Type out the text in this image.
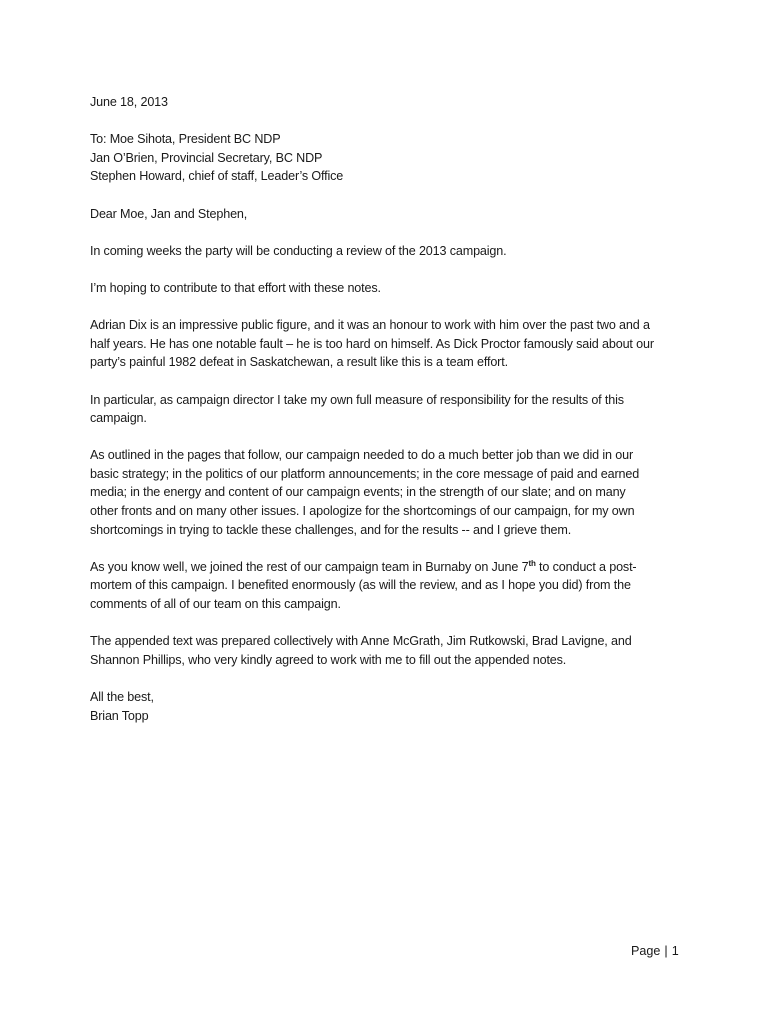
June 18, 2013

To: Moe Sihota, President BC NDP
Jan O’Brien, Provincial Secretary, BC NDP
Stephen Howard, chief of staff, Leader’s Office

Dear Moe, Jan and Stephen,

In coming weeks the party will be conducting a review of the 2013 campaign.

I’m hoping to contribute to that effort with these notes.

Adrian Dix is an impressive public figure, and it was an honour to work with him over the past two and a
half years. He has one notable fault – he is too hard on himself. As Dick Proctor famously said about our
party’s painful 1982 defeat in Saskatchewan, a result like this is a team effort.

In particular, as campaign director I take my own full measure of responsibility for the results of this
campaign.

As outlined in the pages that follow, our campaign needed to do a much better job than we did in our
basic strategy; in the politics of our platform announcements; in the core message of paid and earned
media; in the energy and content of our campaign events; in the strength of our slate; and on many
other fronts and on many other issues. I apologize for the shortcomings of our campaign, for my own
shortcomings in trying to tackle these challenges, and for the results -- and I grieve them.

As you know well, we joined the rest of our campaign team in Burnaby on June 7th to conduct a post-
mortem of this campaign. I benefited enormously (as will the review, and as I hope you did) from the
comments of all of our team on this campaign.

The appended text was prepared collectively with Anne McGrath, Jim Rutkowski, Brad Lavigne, and
Shannon Phillips, who very kindly agreed to work with me to fill out the appended notes.

All the best,
Brian Topp

Page | 1
